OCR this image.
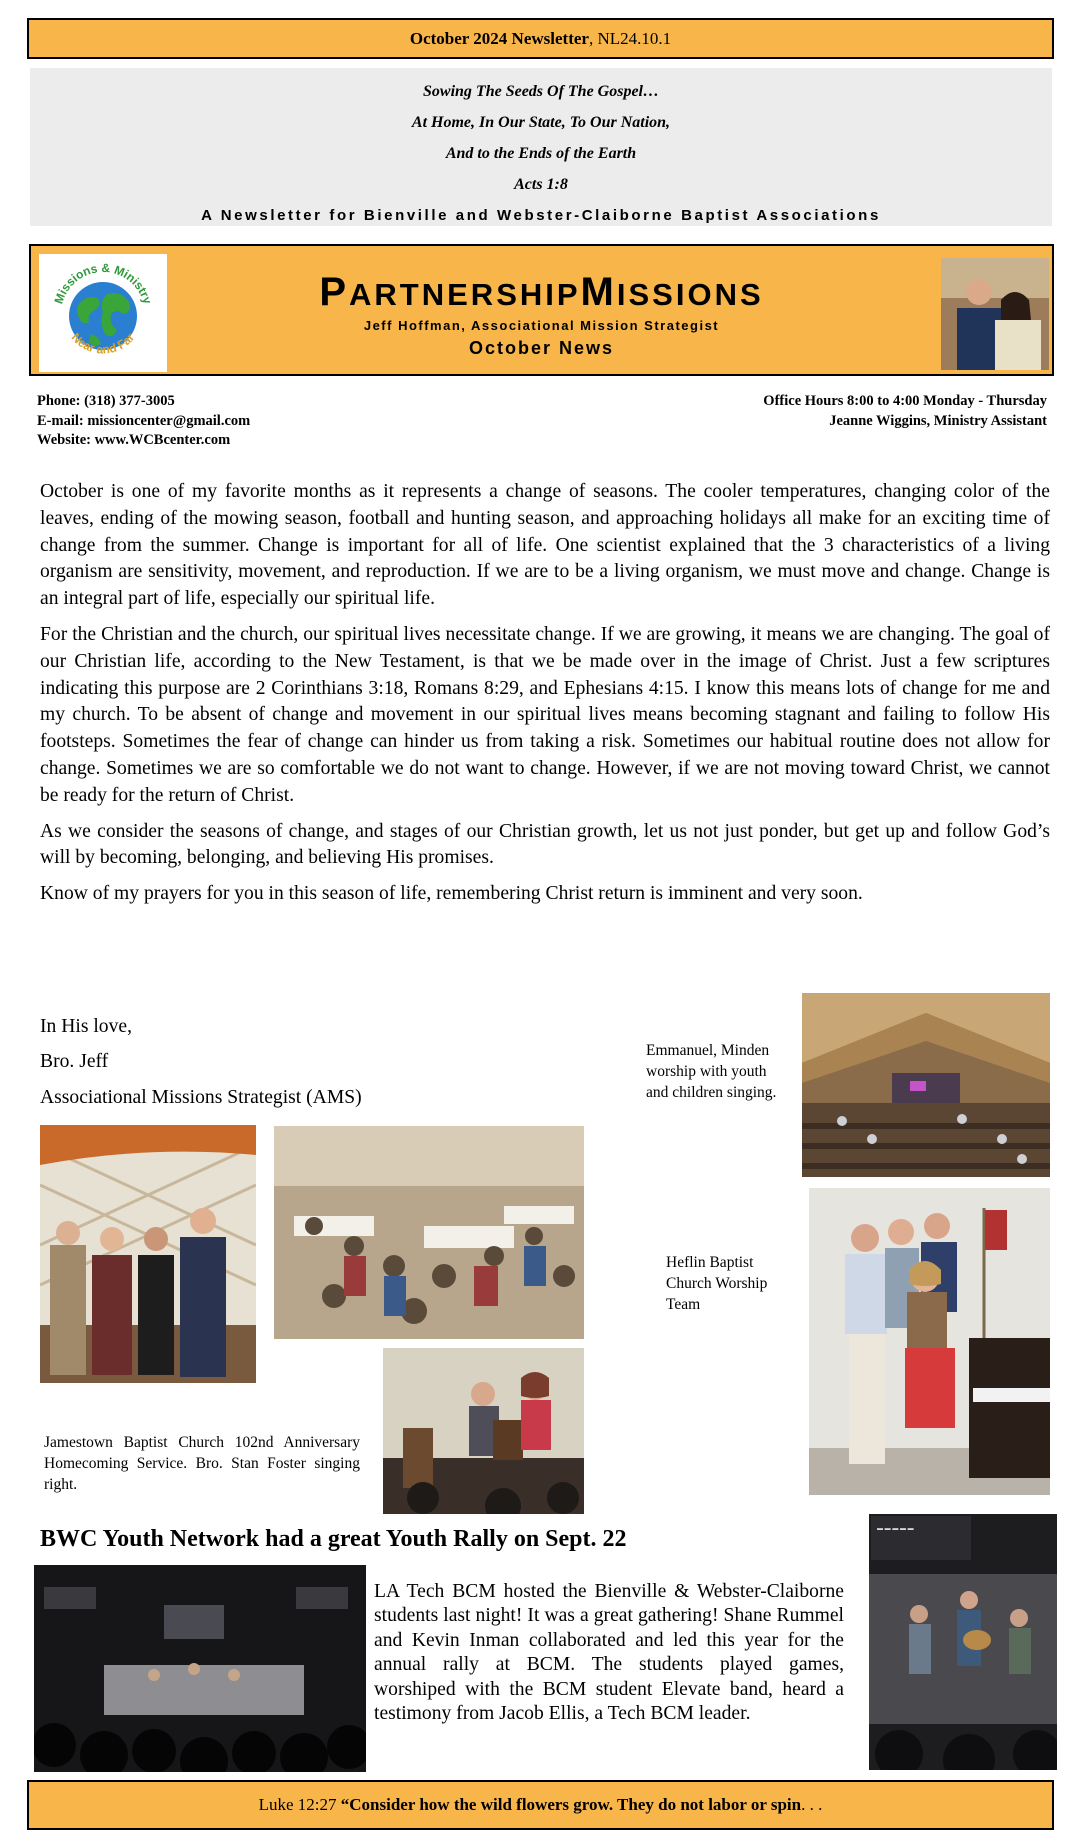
October 2024 Newsletter, NL24.10.1
Sowing The Seeds Of The Gospel…
At Home, In Our State, To Our Nation,
And to the Ends of the Earth
Acts 1:8
A Newsletter for Bienville and Webster-Claiborne Baptist Associations
Missions & Ministry
Near and Far
PARTNERSHIPMISSIONS
Jeff Hoffman, Associational Mission Strategist
October News
Phone: (318) 377-3005
E-mail: missioncenter@gmail.com
Website: www.WCBcenter.com
Office Hours 8:00 to 4:00 Monday - Thursday
Jeanne Wiggins, Ministry Assistant

October is one of my favorite months as it represents a change of seasons. The cooler temperatures, changing color of the leaves, ending of the mowing season, football and hunting season, and approaching holidays all make for an exciting time of change from the summer. Change is important for all of life. One scientist explained that the 3 characteristics of a living organism are sensitivity, movement, and reproduction. If we are to be a living organism, we must move and change. Change is an integral part of life, especially our spiritual life.

For the Christian and the church, our spiritual lives necessitate change. If we are growing, it means we are changing. The goal of our Christian life, according to the New Testament, is that we be made over in the image of Christ. Just a few scriptures indicating this purpose are 2 Corinthians 3:18, Romans 8:29, and Ephesians 4:15. I know this means lots of change for me and my church. To be absent of change and movement in our spiritual lives means becoming stagnant and failing to follow His footsteps. Sometimes the fear of change can hinder us from taking a risk. Sometimes our habitual routine does not allow for change. Sometimes we are so comfortable we do not want to change. However, if we are not moving toward Christ, we cannot be ready for the return of Christ.

As we consider the seasons of change, and stages of our Christian growth, let us not just ponder, but get up and follow God’s will by becoming, belonging, and believing His promises.

Know of my prayers for you in this season of life, remembering Christ return is imminent and very soon.

In His love,
Bro. Jeff
Associational Missions Strategist (AMS)
Emmanuel, Minden worship with youth and children singing.
Jamestown Baptist Church 102nd Anniversary Homecoming Service. Bro. Stan Foster singing right.
Heflin Baptist Church Worship Team
BWC Youth Network had a great Youth Rally on Sept. 22	▬ ▬ ▬ ▬ ▬
LA Tech BCM hosted the Bienville & Webster-Claiborne students last night! It was a great gathering! Shane Rummel and Kevin Inman collaborated and led this year for the annual rally at BCM. The students played games, worshiped with the BCM student Elevate band, heard a testimony from Jacob Ellis, a Tech BCM leader.
Luke 12:27 “Consider how the wild flowers grow. They do not labor or spin. . .
